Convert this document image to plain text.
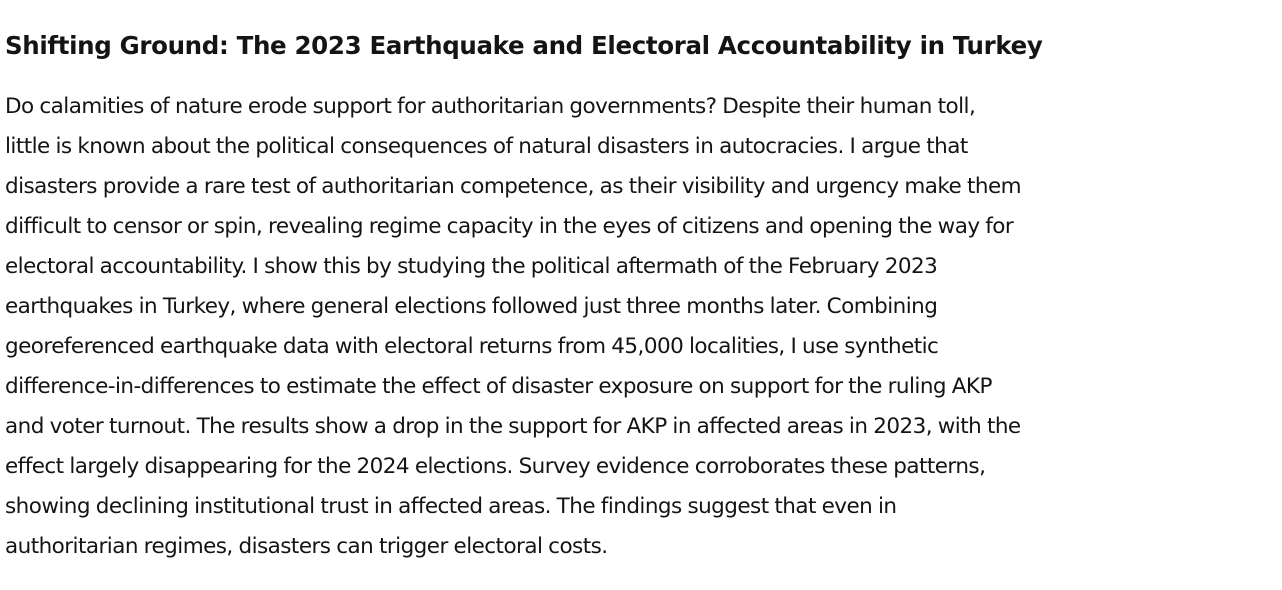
Shifting Ground: The 2023 Earthquake and Electoral Accountability in Turkey
Do calamities of nature erode support for authoritarian governments? Despite their human toll,
little is known about the political consequences of natural disasters in autocracies. I argue that
disasters provide a rare test of authoritarian competence, as their visibility and urgency make them
difficult to censor or spin, revealing regime capacity in the eyes of citizens and opening the way for
electoral accountability. I show this by studying the political aftermath of the February 2023
earthquakes in Turkey, where general elections followed just three months later. Combining
georeferenced earthquake data with electoral returns from 45,000 localities, I use synthetic
difference-in-differences to estimate the effect of disaster exposure on support for the ruling AKP
and voter turnout. The results show a drop in the support for AKP in affected areas in 2023, with the
effect largely disappearing for the 2024 elections. Survey evidence corroborates these patterns,
showing declining institutional trust in affected areas. The findings suggest that even in
authoritarian regimes, disasters can trigger electoral costs.
